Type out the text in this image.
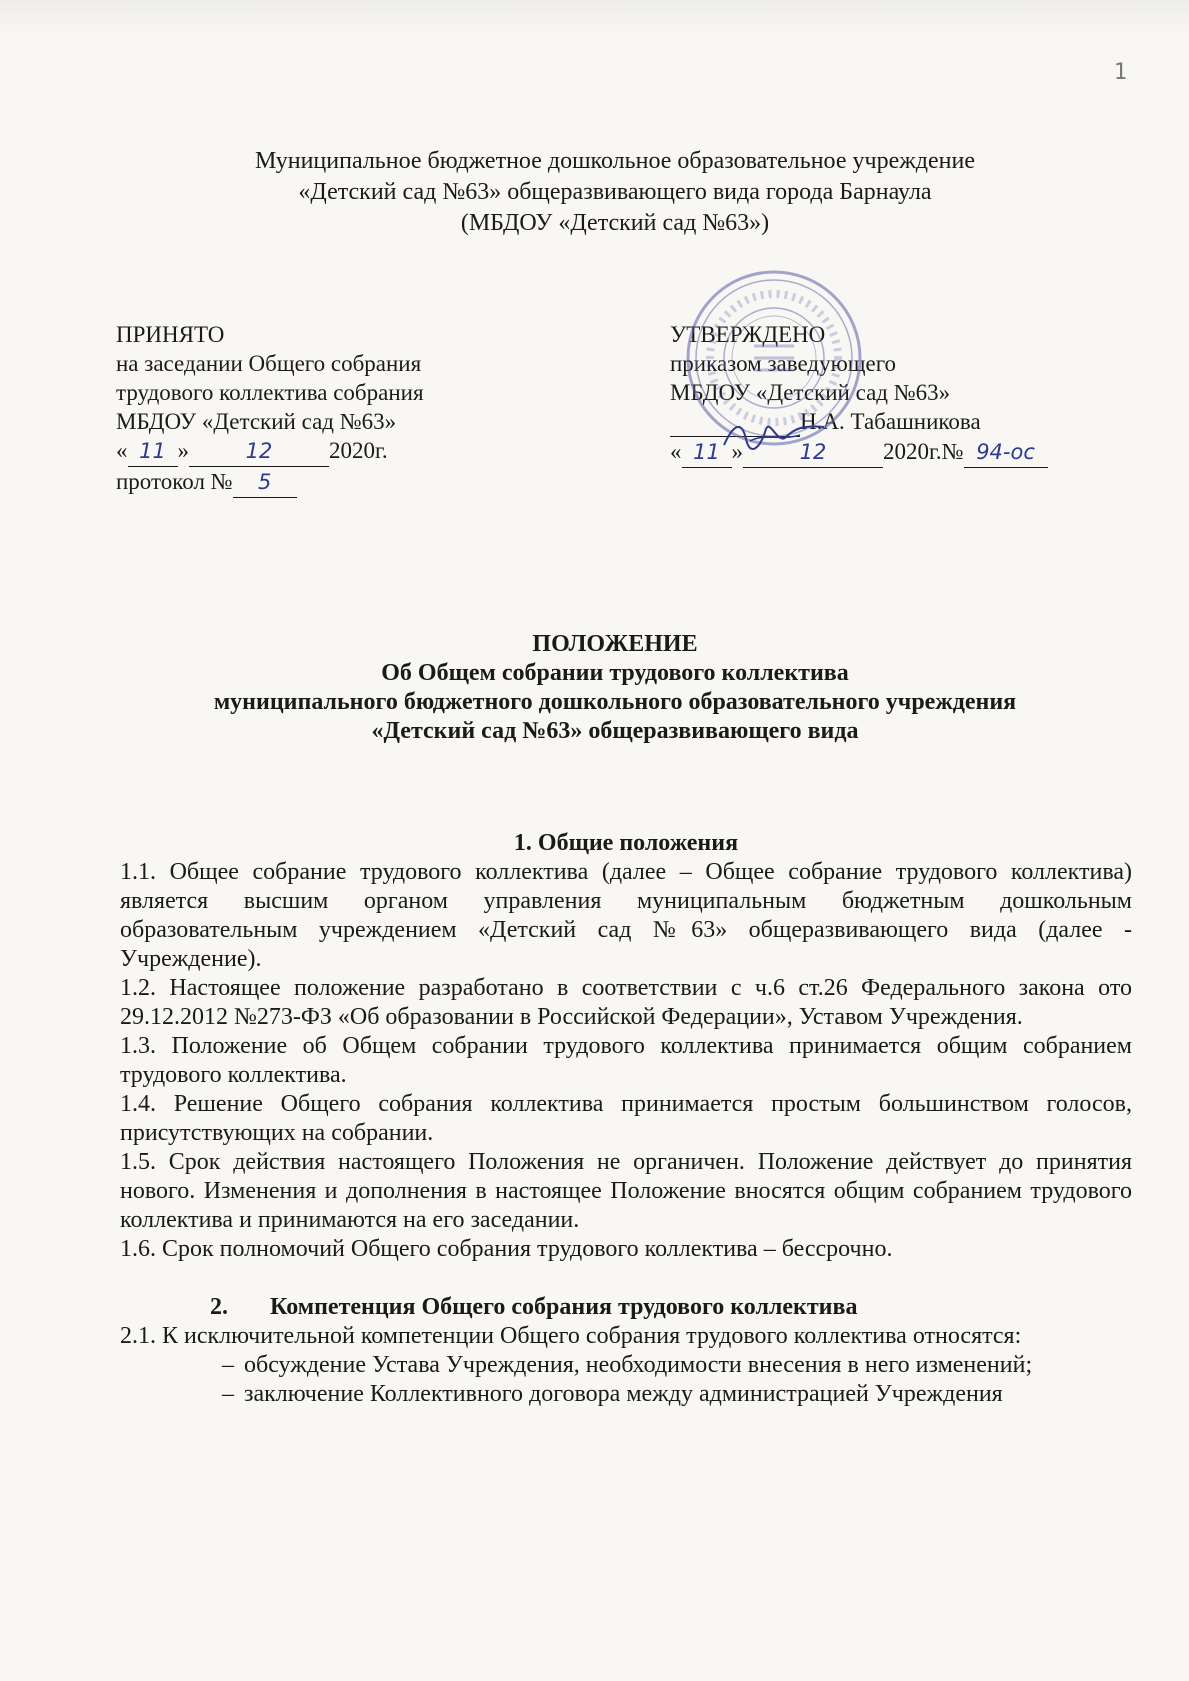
1
Муниципальное бюджетное дошкольное образовательное учреждение
«Детский сад №63» общеразвивающего вида города Барнаула
(МБДОУ «Детский сад №63»)
ПРИНЯТО
на заседании Общего собрания
трудового коллектива собрания
МБДОУ «Детский сад №63»
« 11 »	12 2020г.
протокол № 5
УТВЕРЖДЕНО
приказом заведующего
МБДОУ «Детский сад №63»
Н.А. Табашникова
« 11 »	12 2020г.№ 94-ос
ПОЛОЖЕНИЕ
Об Общем собрании трудового коллектива
муниципального бюджетного дошкольного образовательного учреждения
«Детский сад №63» общеразвивающего вида
1. Общие положения

1.1. Общее собрание трудового коллектива (далее – Общее собрание трудового коллектива) является высшим органом управления муниципальным бюджетным дошкольным образовательным учреждением «Детский сад №63» общеразвивающего вида (далее - Учреждение).

1.2. Настоящее положение разработано в соответствии с ч.6 ст.26 Федерального закона ото 29.12.2012 №273-ФЗ «Об образовании в Российской Федерации», Уставом Учреждения.

1.3. Положение об Общем собрании трудового коллектива принимается общим собранием трудового коллектива.

1.4. Решение Общего собрания коллектива принимается простым большинством голосов, присутствующих на собрании.

1.5. Срок действия настоящего Положения не органичен. Положение действует до принятия нового. Изменения и дополнения в настоящее Положение вносятся общим собранием трудового коллектива и принимаются на его заседании.

1.6. Срок полномочий Общего собрания трудового коллектива – бессрочно.

2. Компетенция Общего собрания трудового коллектива

2.1. К исключительной компетенции Общего собрания трудового коллектива относятся:

– обсуждение Устава Учреждения, необходимости внесения в него изменений;
– заключение Коллективного договора между администрацией Учреждения
